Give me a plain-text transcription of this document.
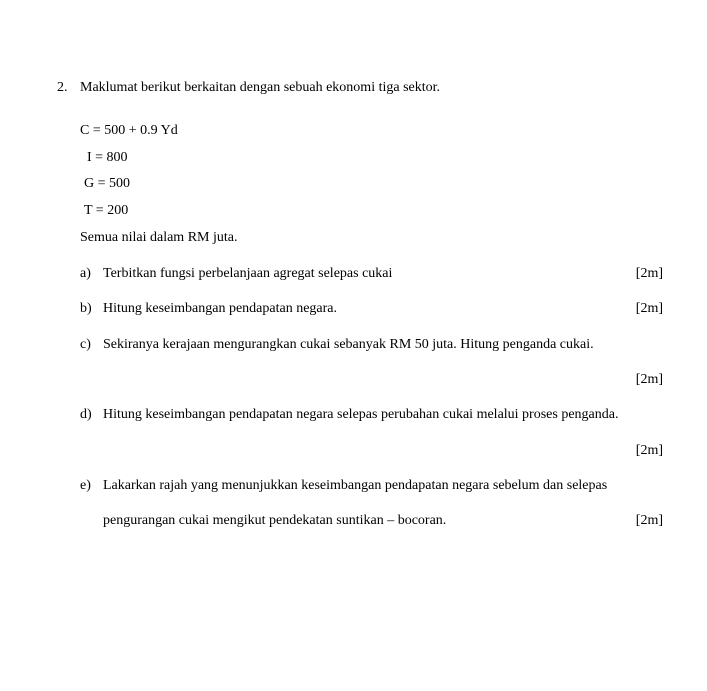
2. Maklumat berikut berkaitan dengan sebuah ekonomi tiga sektor.
C = 500 + 0.9 Yd
I = 800
G = 500
T = 200
Semua nilai dalam RM juta.
a) Terbitkan fungsi perbelanjaan agregat selepas cukai	[2m]
b) Hitung keseimbangan pendapatan negara.	[2m]
c) Sekiranya kerajaan mengurangkan cukai sebanyak RM 50 juta. Hitung penganda cukai.
[2m]
d) Hitung keseimbangan pendapatan negara selepas perubahan cukai melalui proses penganda.
[2m]
e) Lakarkan rajah yang menunjukkan keseimbangan pendapatan negara sebelum dan selepas
pengurangan cukai mengikut pendekatan suntikan – bocoran.	[2m]
